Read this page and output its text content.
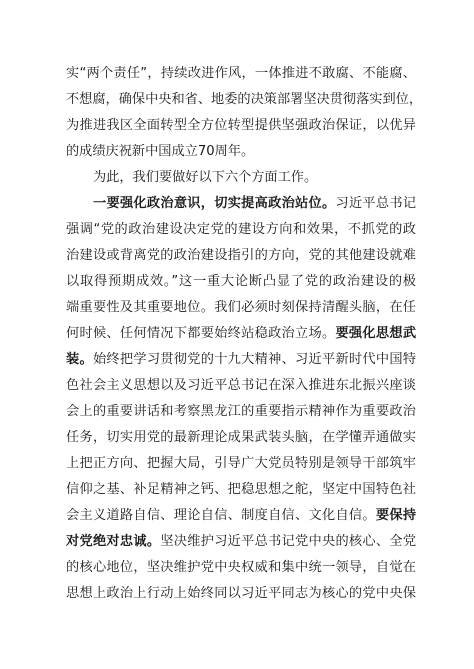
实“两个责任”，持续改进作风，一体推进不敢腐、不能腐、
不想腐，确保中央和省、地委的决策部署坚决贯彻落实到位，
为推进我区全面转型全方位转型提供坚强政治保证，以优异
的成绩庆祝新中国成立70周年。
为此，我们要做好以下六个方面工作。
一要强化政治意识，切实提高政治站位。习近平总书记
强调“党的政治建设决定党的建设方向和效果，不抓党的政
治建设或背离党的政治建设指引的方向，党的其他建设就难
以取得预期成效。”这一重大论断凸显了党的政治建设的极
端重要性及其重要地位。我们必须时刻保持清醒头脑，在任
何时候、任何情况下都要始终站稳政治立场。要强化思想武
装。始终把学习贯彻党的十九大精神、习近平新时代中国特
色社会主义思想以及习近平总书记在深入推进东北振兴座谈
会上的重要讲话和考察黑龙江的重要指示精神作为重要政治
任务，切实用党的最新理论成果武装头脑，在学懂弄通做实
上把正方向、把握大局，引导广大党员特别是领导干部筑牢
信仰之基、补足精神之钙、把稳思想之舵，坚定中国特色社
会主义道路自信、理论自信、制度自信、文化自信。要保持
对党绝对忠诚。坚决维护习近平总书记党中央的核心、全党
的核心地位，坚决维护党中央权威和集中统一领导，自觉在
思想上政治上行动上始终同以习近平同志为核心的党中央保
